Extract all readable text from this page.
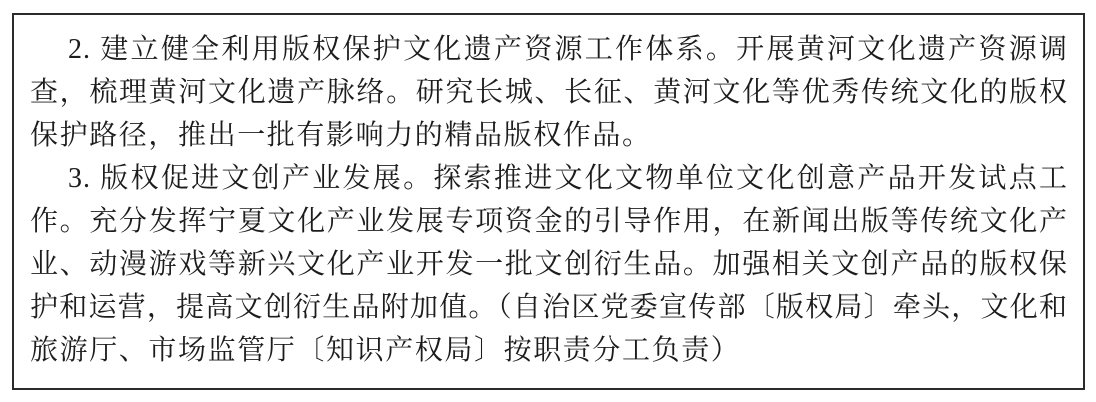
2. 建立健全利用版权保护文化遗产资源工作体系。开展黄河文化遗产资源调
查，梳理黄河文化遗产脉络。研究长城、长征、黄河文化等优秀传统文化的版权
保护路径，推出一批有影响力的精品版权作品。
3. 版权促进文创产业发展。探索推进文化文物单位文化创意产品开发试点工
作。充分发挥宁夏文化产业发展专项资金的引导作用，在新闻出版等传统文化产
业、动漫游戏等新兴文化产业开发一批文创衍生品。加强相关文创产品的版权保
护和运营，提高文创衍生品附加值。（自治区党委宣传部〔版权局〕牵头，文化和
旅游厅、市场监管厅〔知识产权局〕按职责分工负责）
